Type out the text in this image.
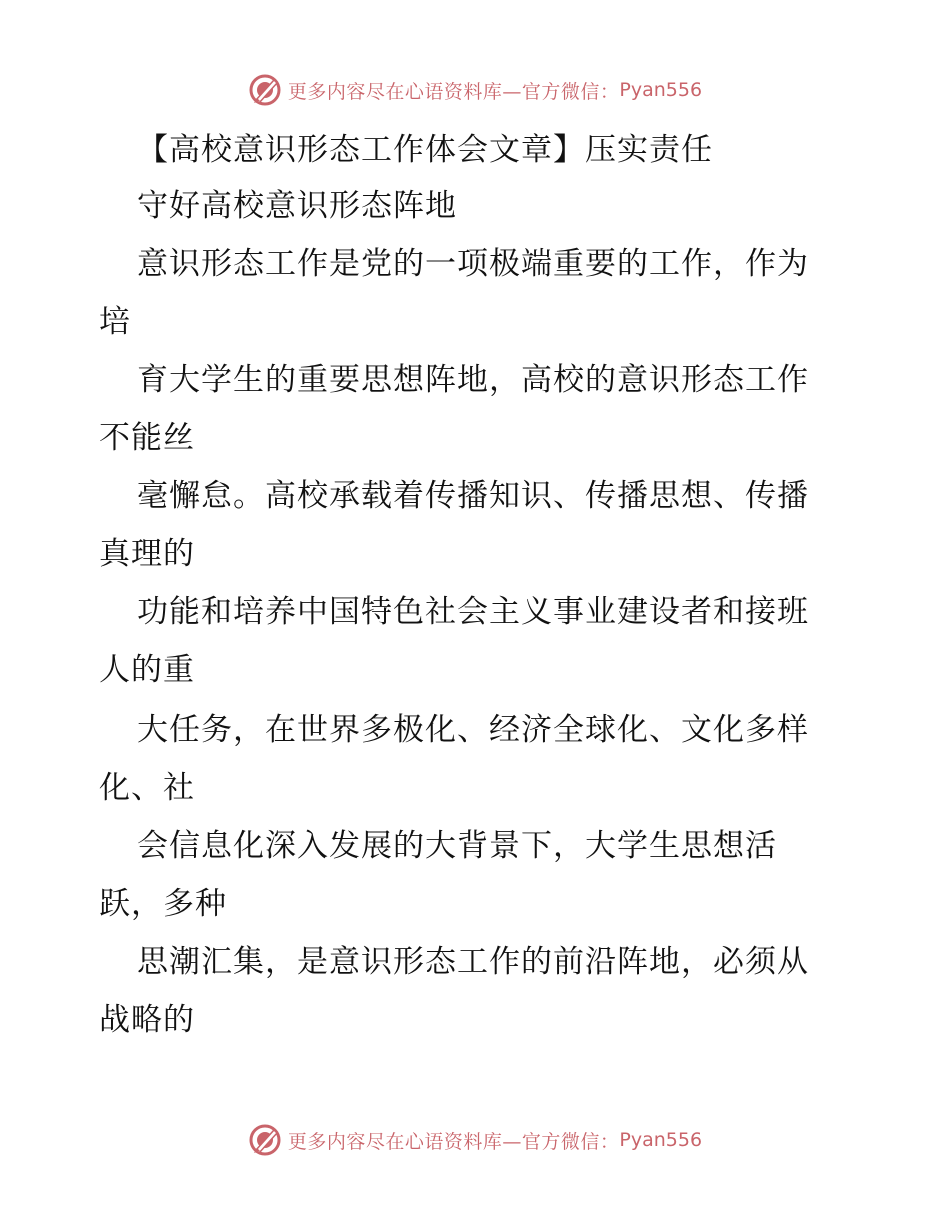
更多内容尽在心语资料库—官方微信： Pyan556
【高校意识形态工作体会文章】压实责任
守好高校意识形态阵地
意识形态工作是党的一项极端重要的工作，作为
培
育大学生的重要思想阵地，高校的意识形态工作
不能丝
毫懈怠。高校承载着传播知识、传播思想、传播
真理的
功能和培养中国特色社会主义事业建设者和接班
人的重
大任务，在世界多极化、经济全球化、文化多样
化、社
会信息化深入发展的大背景下，大学生思想活
跃，多种
思潮汇集，是意识形态工作的前沿阵地，必须从
战略的
更多内容尽在心语资料库—官方微信： Pyan556
